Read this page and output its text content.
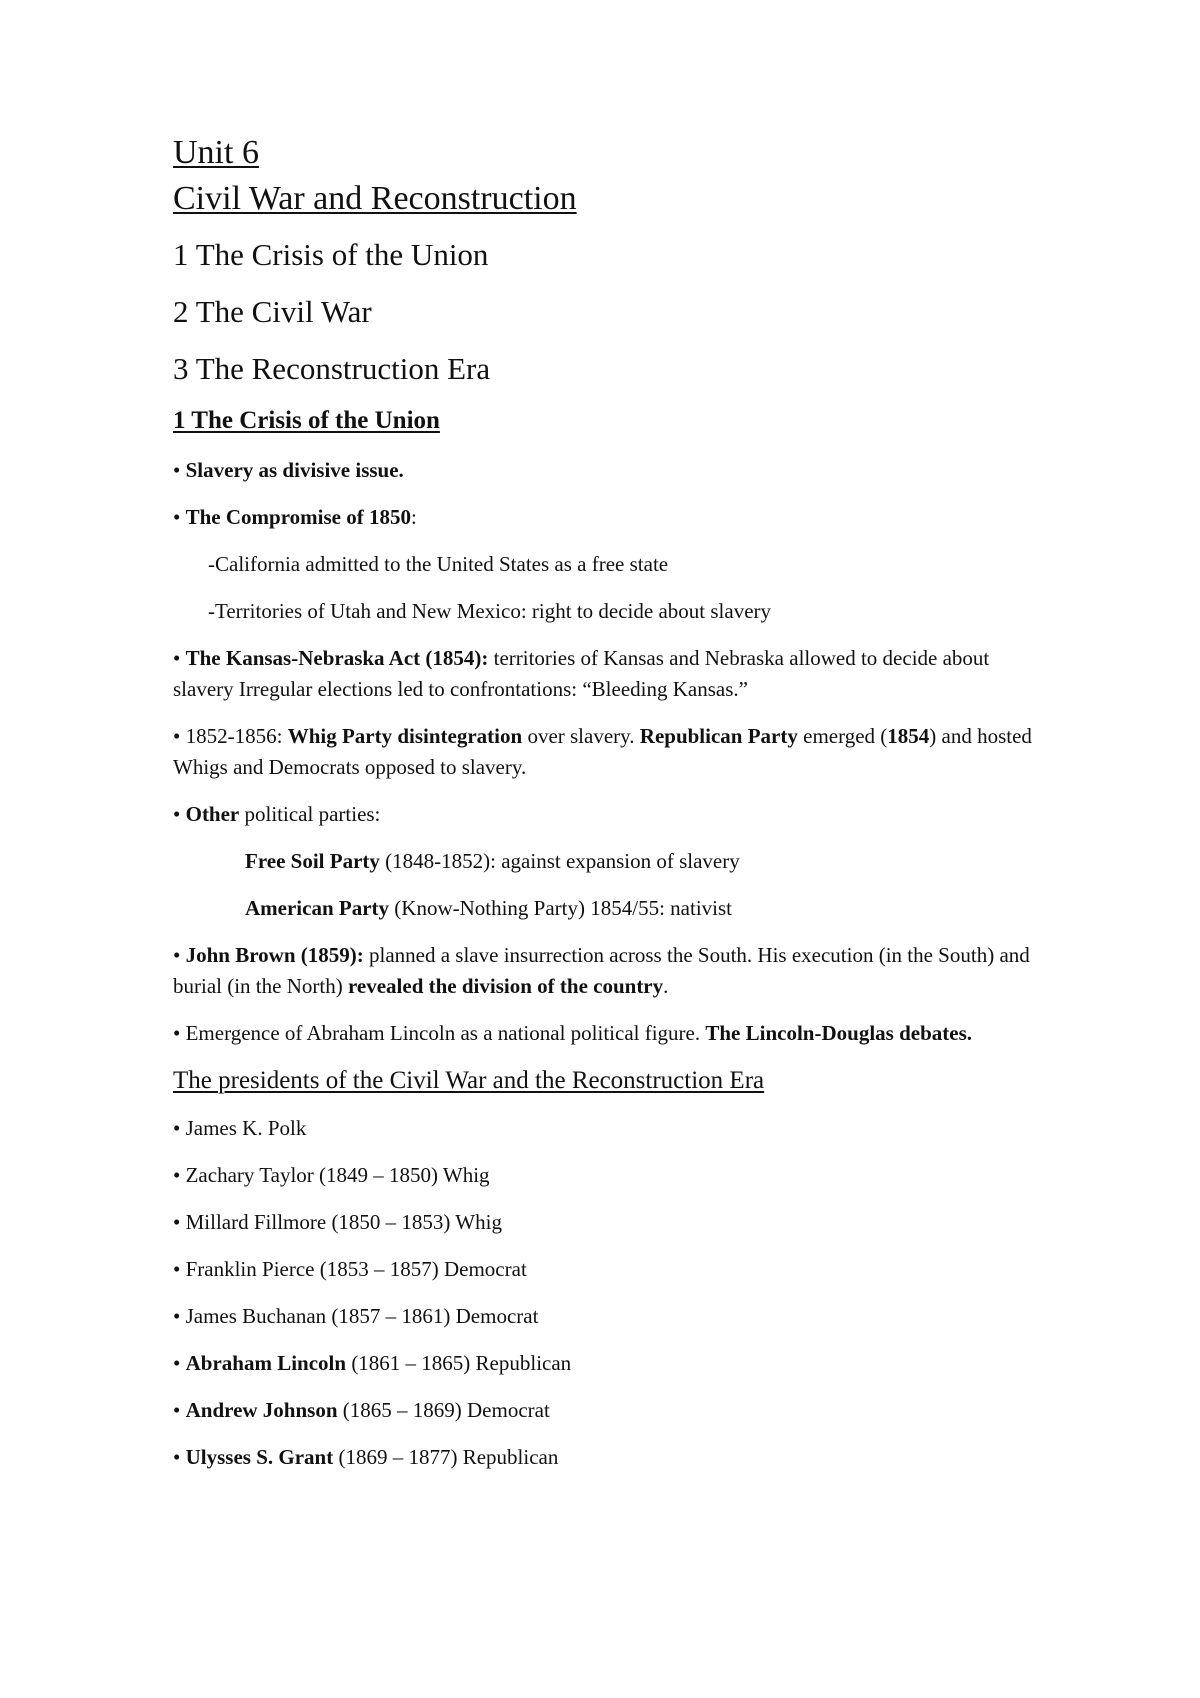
Unit 6
Civil War and Reconstruction
1 The Crisis of the Union
2 The Civil War
3 The Reconstruction Era
1 The Crisis of the Union

• Slavery as divisive issue.

• The Compromise of 1850:

-California admitted to the United States as a free state

-Territories of Utah and New Mexico: right to decide about slavery

• The Kansas-Nebraska Act (1854): territories of Kansas and Nebraska allowed to decide about slavery Irregular elections led to confrontations: “Bleeding Kansas.”

• 1852-1856: Whig Party disintegration over slavery. Republican Party emerged (1854) and hosted Whigs and Democrats opposed to slavery.

• Other political parties:

Free Soil Party (1848-1852): against expansion of slavery

American Party (Know-Nothing Party) 1854/55: nativist

• John Brown (1859): planned a slave insurrection across the South. His execution (in the South) and burial (in the North) revealed the division of the country.

• Emergence of Abraham Lincoln as a national political figure. The Lincoln-Douglas debates.

The presidents of the Civil War and the Reconstruction Era

• James K. Polk

• Zachary Taylor (1849 – 1850) Whig

• Millard Fillmore (1850 – 1853) Whig

• Franklin Pierce (1853 – 1857) Democrat

• James Buchanan (1857 – 1861) Democrat

• Abraham Lincoln (1861 – 1865) Republican

• Andrew Johnson (1865 – 1869) Democrat

• Ulysses S. Grant (1869 – 1877) Republican
